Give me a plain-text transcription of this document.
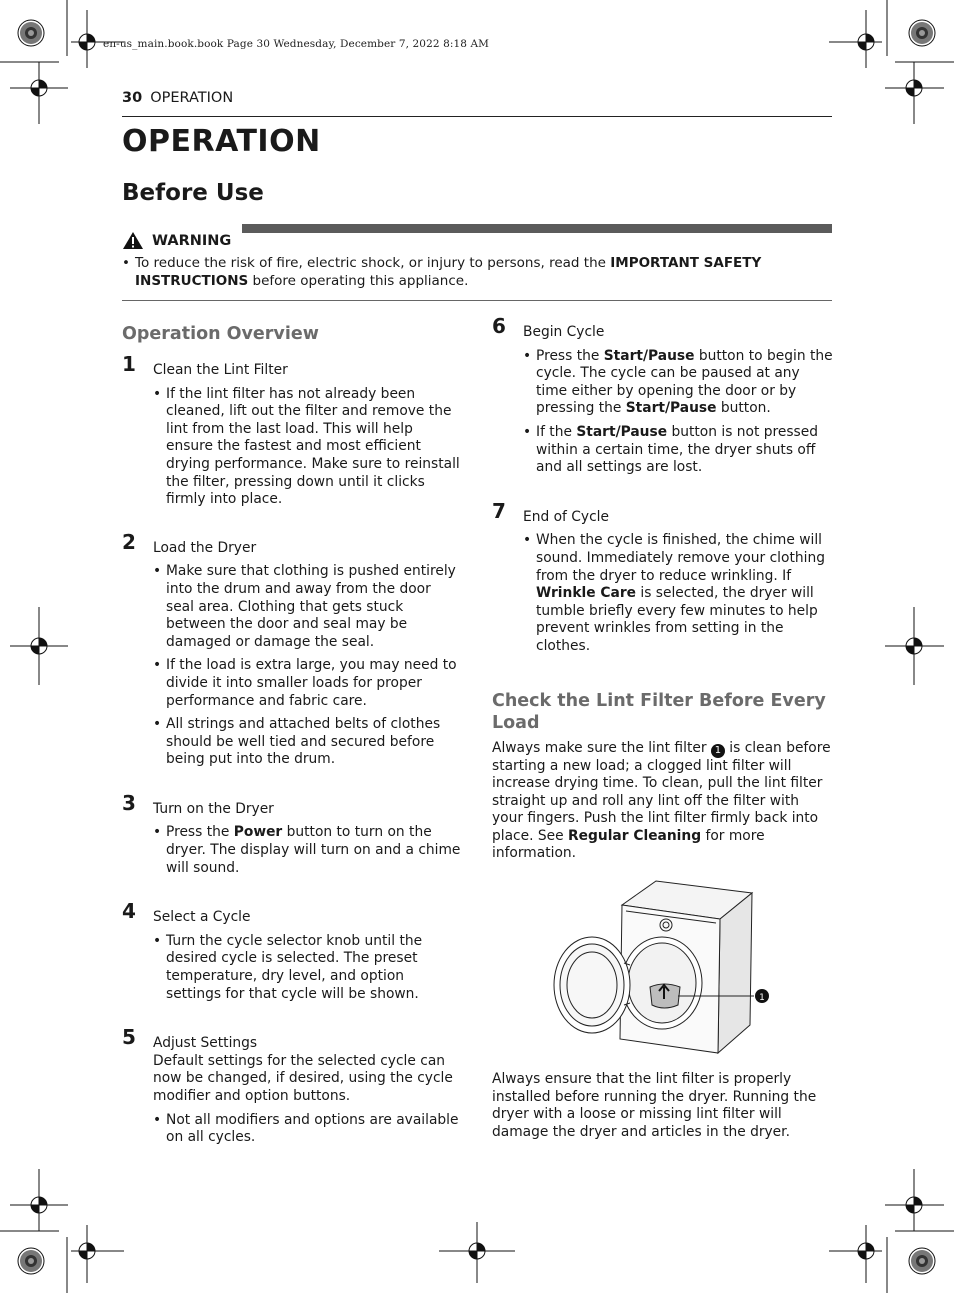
en-us_main.book.book Page 30 Wednesday, December 7, 2022 8:18 AM
30 OPERATION
OPERATION
Before Use
WARNING
• To reduce the risk of fire, electric shock, or injury to persons, read the IMPORTANT SAFETY INSTRUCTIONS before operating this appliance.
Operation Overview
1 Clean the Lint Filter
• If the lint filter has not already been cleaned, lift out the filter and remove the lint from the last load. This will help ensure the fastest and most efficient drying performance. Make sure to reinstall the filter, pressing down until it clicks firmly into place.
2 Load the Dryer
• Make sure that clothing is pushed entirely into the drum and away from the door seal area. Clothing that gets stuck between the door and seal may be damaged or damage the seal.
• If the load is extra large, you may need to divide it into smaller loads for proper performance and fabric care.
• All strings and attached belts of clothes should be well tied and secured before being put into the drum.
3 Turn on the Dryer
• Press the Power button to turn on the dryer. The display will turn on and a chime will sound.
4 Select a Cycle
• Turn the cycle selector knob until the desired cycle is selected. The preset temperature, dry level, and option settings for that cycle will be shown.
5 Adjust Settings
Default settings for the selected cycle can now be changed, if desired, using the cycle modifier and option buttons.
• Not all modifiers and options are available on all cycles.
6 Begin Cycle
• Press the Start/Pause button to begin the cycle. The cycle can be paused at any time either by opening the door or by pressing the Start/Pause button.
• If the Start/Pause button is not pressed within a certain time, the dryer shuts off and all settings are lost.
7 End of Cycle
• When the cycle is finished, the chime will sound. Immediately remove your clothing from the dryer to reduce wrinkling. If Wrinkle Care is selected, the dryer will tumble briefly every few minutes to help prevent wrinkles from setting in the clothes.
Check the Lint Filter Before Every Load
Always make sure the lint filter 1 is clean before starting a new load; a clogged lint filter will increase drying time. To clean, pull the lint filter straight up and roll any lint off the filter with your fingers. Push the lint filter firmly back into place. See Regular Cleaning for more information.
1
Always ensure that the lint filter is properly installed before running the dryer. Running the dryer with a loose or missing lint filter will damage the dryer and articles in the dryer.
